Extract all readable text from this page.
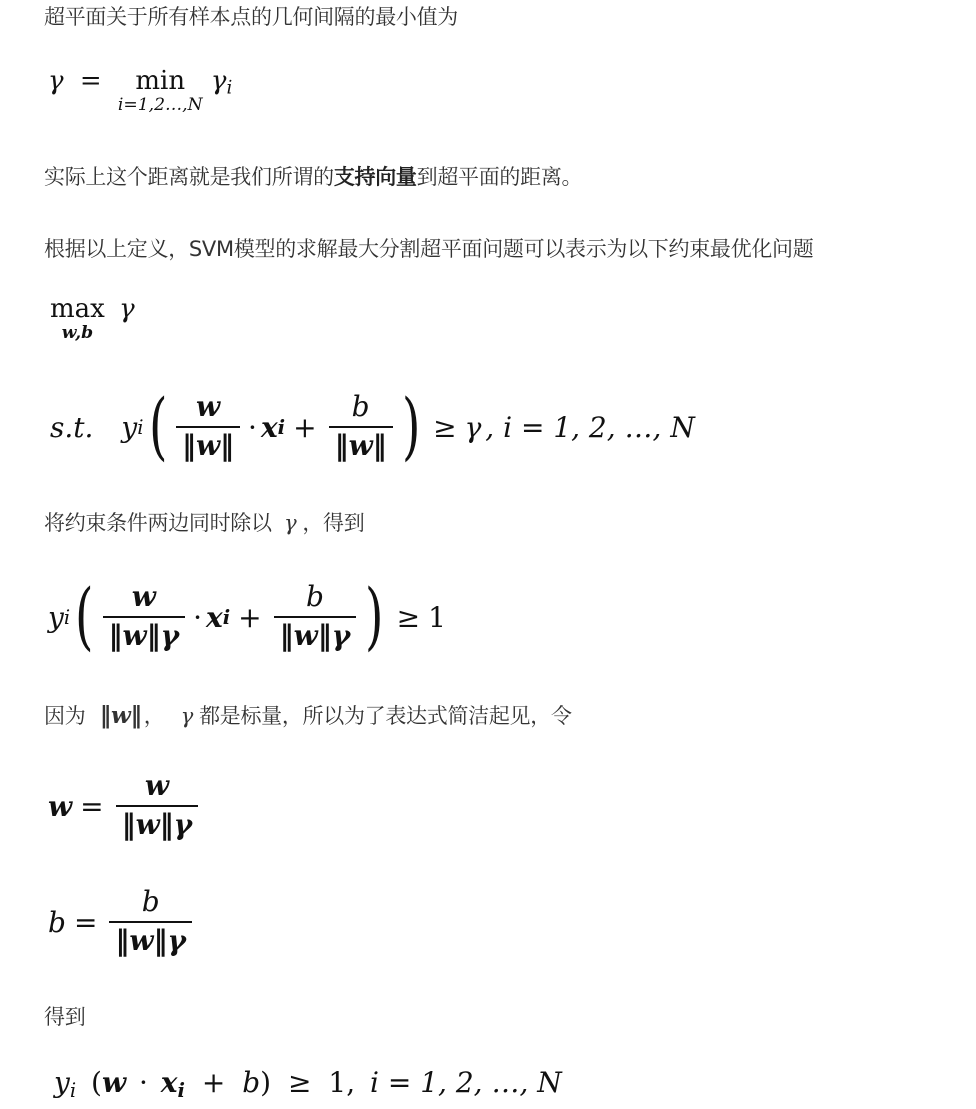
超平面关于所有样本点的几何间隔的最小值为
γ = min
i=1,2…,N
$\gamma_i$
实际上这个距离就是我们所谓的支持向量到超平面的距离。
根据以上定义，SVM模型的求解最大分割超平面问题可以表示为以下约束最优化问题
max
w,b
γ
s.t. y i ( $\frac{w}{‖w‖} \cdot x$ $i + \frac{b}{‖w‖}$ ) ≥ γ , i = 1, 2, …, N
将约束条件两边同时除以 γ ，得到
y i ( $\frac{w}{‖w‖\gamma} \cdot x$ $i + \frac{b}{‖w‖\gamma}$ ) ≥ 1
因为 ‖w‖， γ 都是标量，所以为了表达式简洁起见，令
$w = \frac{w}{‖w‖\gamma}$
$b = \frac{b}{‖w‖\gamma}$
得到
$y_i$ $(w \cdot x_i + b) \ge 1$, i = 1, 2, …, N
